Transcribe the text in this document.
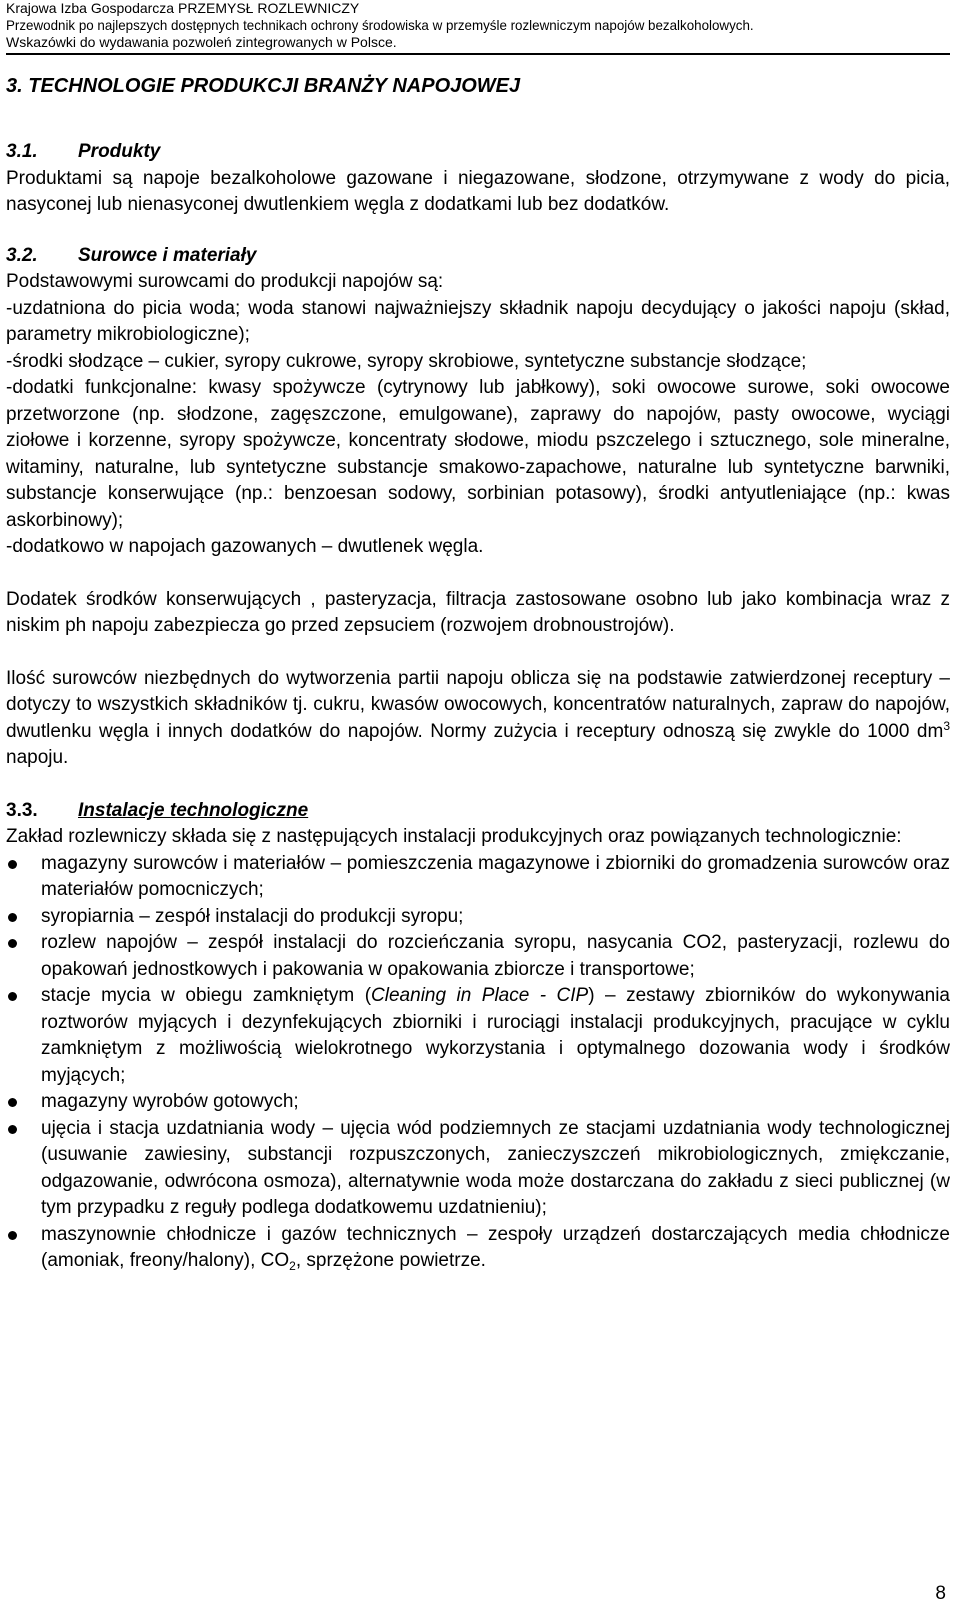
Krajowa Izba Gospodarcza PRZEMYSŁ ROZLEWNICZY
Przewodnik po najlepszych dostępnych technikach ochrony środowiska w przemyśle rozlewniczym napojów bezalkoholowych.
Wskazówki do wydawania pozwoleń zintegrowanych w Polsce.
3. TECHNOLOGIE PRODUKCJI BRANŻY NAPOJOWEJ
3.1. Produkty

Produktami są napoje bezalkoholowe gazowane i niegazowane, słodzone, otrzymywane z wody do picia, nasyconej lub nienasyconej dwutlenkiem węgla z dodatkami lub bez dodatków.

3.2. Surowce i materiały

Podstawowymi surowcami do produkcji napojów są:

-uzdatniona do picia woda; woda stanowi najważniejszy składnik napoju decydujący o jakości napoju (skład, parametry mikrobiologiczne);

-środki słodzące – cukier, syropy cukrowe, syropy skrobiowe, syntetyczne substancje słodzące;

-dodatki funkcjonalne: kwasy spożywcze (cytrynowy lub jabłkowy), soki owocowe surowe, soki owocowe przetworzone (np. słodzone, zagęszczone, emulgowane), zaprawy do napojów, pasty owocowe, wyciągi ziołowe i korzenne, syropy spożywcze, koncentraty słodowe, miodu pszczelego i sztucznego, sole mineralne, witaminy, naturalne, lub syntetyczne substancje smakowo-zapachowe, naturalne lub syntetyczne barwniki, substancje konserwujące (np.: benzoesan sodowy, sorbinian potasowy), środki antyutleniające (np.: kwas askorbinowy);

-dodatkowo w napojach gazowanych – dwutlenek węgla.

Dodatek środków konserwujących , pasteryzacja, filtracja zastosowane osobno lub jako kombinacja wraz z niskim ph napoju zabezpiecza go przed zepsuciem (rozwojem drobnoustrojów).

Ilość surowców niezbędnych do wytworzenia partii napoju oblicza się na podstawie zatwierdzonej receptury – dotyczy to wszystkich składników tj. cukru, kwasów owocowych, koncentratów naturalnych, zapraw do napojów, dwutlenku węgla i innych dodatków do napojów. Normy zużycia i receptury odnoszą się zwykle do 1000 $dm^3$ napoju.

3.3. Instalacje technologiczne

Zakład rozlewniczy składa się z następujących instalacji produkcyjnych oraz powiązanych technologicznie:

magazyny surowców i materiałów – pomieszczenia magazynowe i zbiorniki do gromadzenia surowców oraz materiałów pomocniczych;
syropiarnia – zespół instalacji do produkcji syropu;
rozlew napojów – zespół instalacji do rozcieńczania syropu, nasycania CO2, pasteryzacji, rozlewu do opakowań jednostkowych i pakowania w opakowania zbiorcze i transportowe;
stacje mycia w obiegu zamkniętym (Cleaning in Place - CIP) – zestawy zbiorników do wykonywania roztworów myjących i dezynfekujących zbiorniki i rurociągi instalacji produkcyjnych, pracujące w cyklu zamkniętym z możliwością wielokrotnego wykorzystania i optymalnego dozowania wody i środków myjących;
magazyny wyrobów gotowych;
ujęcia i stacja uzdatniania wody – ujęcia wód podziemnych ze stacjami uzdatniania wody technologicznej (usuwanie zawiesiny, substancji rozpuszczonych, zanieczyszczeń mikrobiologicznych, zmiękczanie, odgazowanie, odwrócona osmoza), alternatywnie woda może dostarczana do zakładu z sieci publicznej (w tym przypadku z reguły podlega dodatkowemu uzdatnieniu);
maszynownie chłodnicze i gazów technicznych – zespoły urządzeń dostarczających media chłodnicze (amoniak, freony/halony), $CO_2$, sprzężone powietrze.
8
